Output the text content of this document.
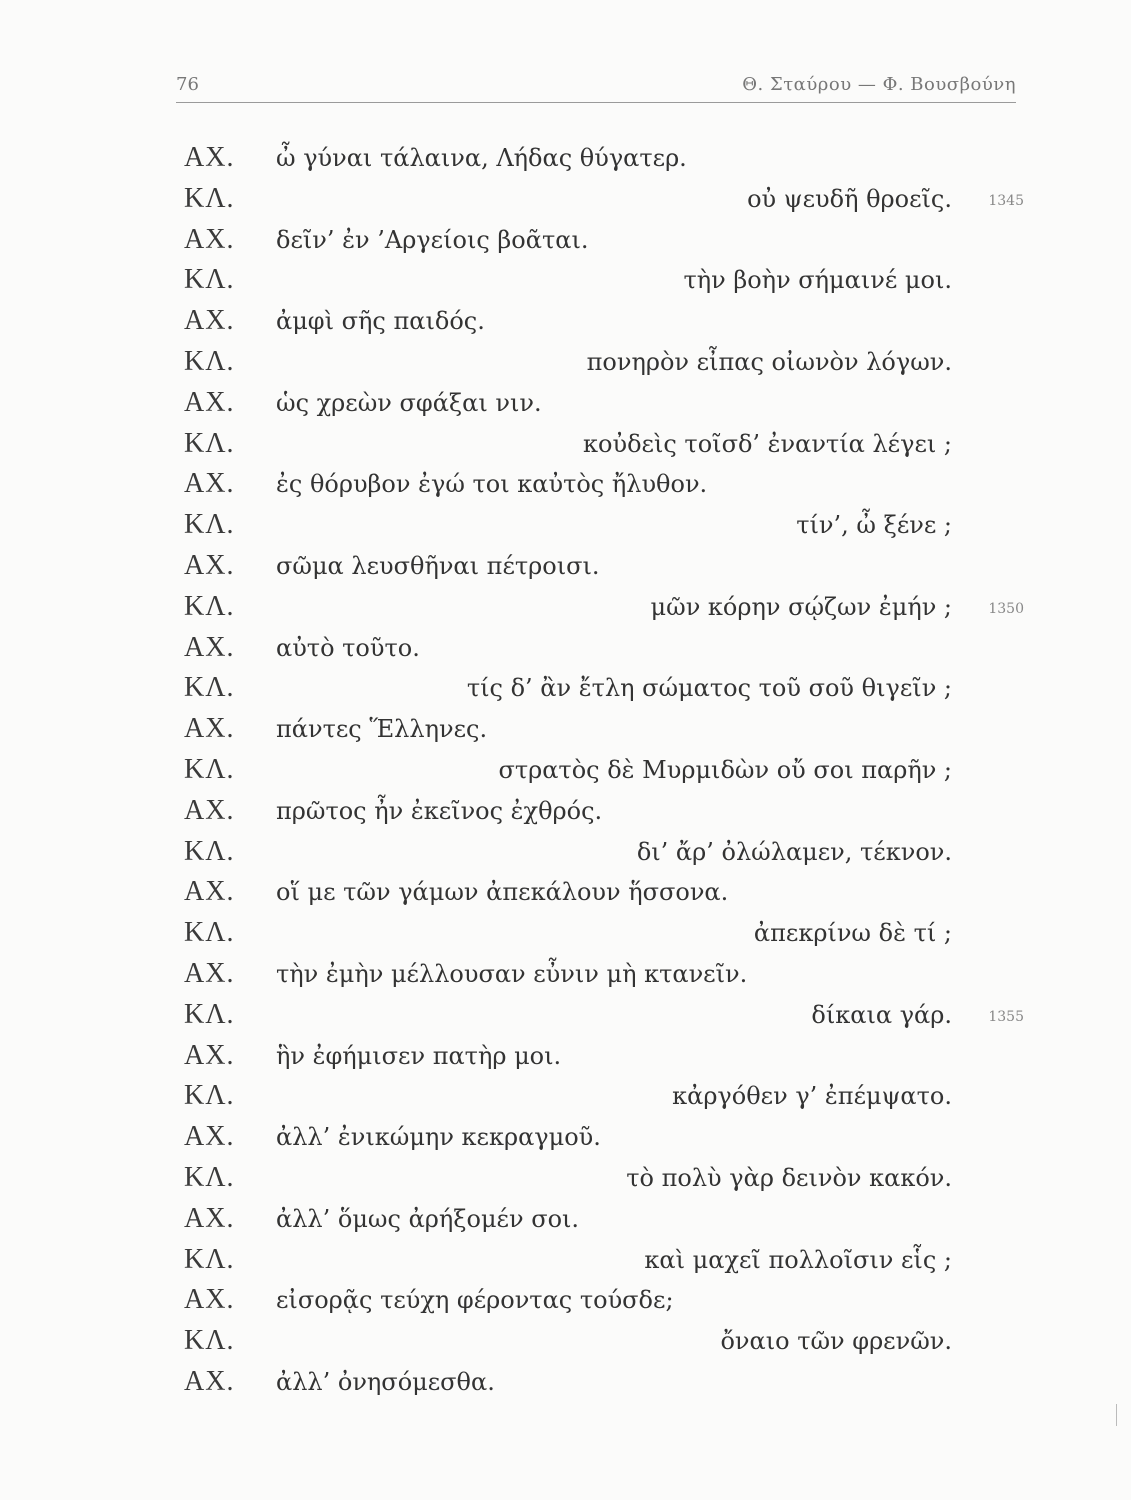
76	Θ. Σταύρου — Φ. Βουσβούνη
ΑΧ. ὦ γύναι τάλαινα, Λήδας θύγατερ.
ΚΛ.	οὐ ψευδῆ θροεῖς.	1345
ΑΧ. δεῖν’ ἐν ’Αργείοις βοᾶται.
ΚΛ.	τὴν βοὴν σήμαινέ μοι.
ΑΧ. ἀμφὶ σῆς παιδός.
ΚΛ.	πονηρὸν εἶπας οἰωνὸν λόγων.
ΑΧ. ὡς χρεὼν σφάξαι νιν.
ΚΛ.	κοὐδεὶς τοῖσδ’ ἐναντία λέγει ;
ΑΧ. ἐς θόρυβον ἐγώ τοι καὐτὸς ἤλυθον.
ΚΛ.	τίν’, ὦ ξένε ;
ΑΧ. σῶμα λευσθῆναι πέτροισι.
ΚΛ.	μῶν κόρην σῴζων ἐμήν ;	1350
ΑΧ. αὐτὸ τοῦτο.
ΚΛ.	τίς δ’ ἂν ἔτλη σώματος τοῦ σοῦ θιγεῖν ;
ΑΧ. πάντες Ἕλληνες.
ΚΛ.	στρατὸς δὲ Μυρμιδὼν οὔ σοι παρῆν ;
ΑΧ. πρῶτος ἦν ἐκεῖνος ἐχθρός.
ΚΛ.	δι’ ἄρ’ ὀλώλαμεν, τέκνον.
ΑΧ. οἵ με τῶν γάμων ἀπεκάλουν ἥσσονα.
ΚΛ.	ἀπεκρίνω δὲ τί ;
ΑΧ. τὴν ἐμὴν μέλλουσαν εὖνιν μὴ κτανεῖν.
ΚΛ.	δίκαια γάρ.	1355
ΑΧ. ἣν ἐφήμισεν πατὴρ μοι.
ΚΛ.	κἀργόθεν γ’ ἐπέμψατο.
ΑΧ. ἀλλ’ ἐνικώμην κεκραγμοῦ.
ΚΛ.	τὸ πολὺ γὰρ δεινὸν κακόν.
ΑΧ. ἀλλ’ ὅμως ἀρήξομέν σοι.
ΚΛ.	καὶ μαχεῖ πολλοῖσιν εἷς ;
ΑΧ. εἰσορᾷς τεύχη φέροντας τούσδε;
ΚΛ.	ὄναιο τῶν φρενῶν.
ΑΧ. ἀλλ’ ὀνησόμεσθα.
